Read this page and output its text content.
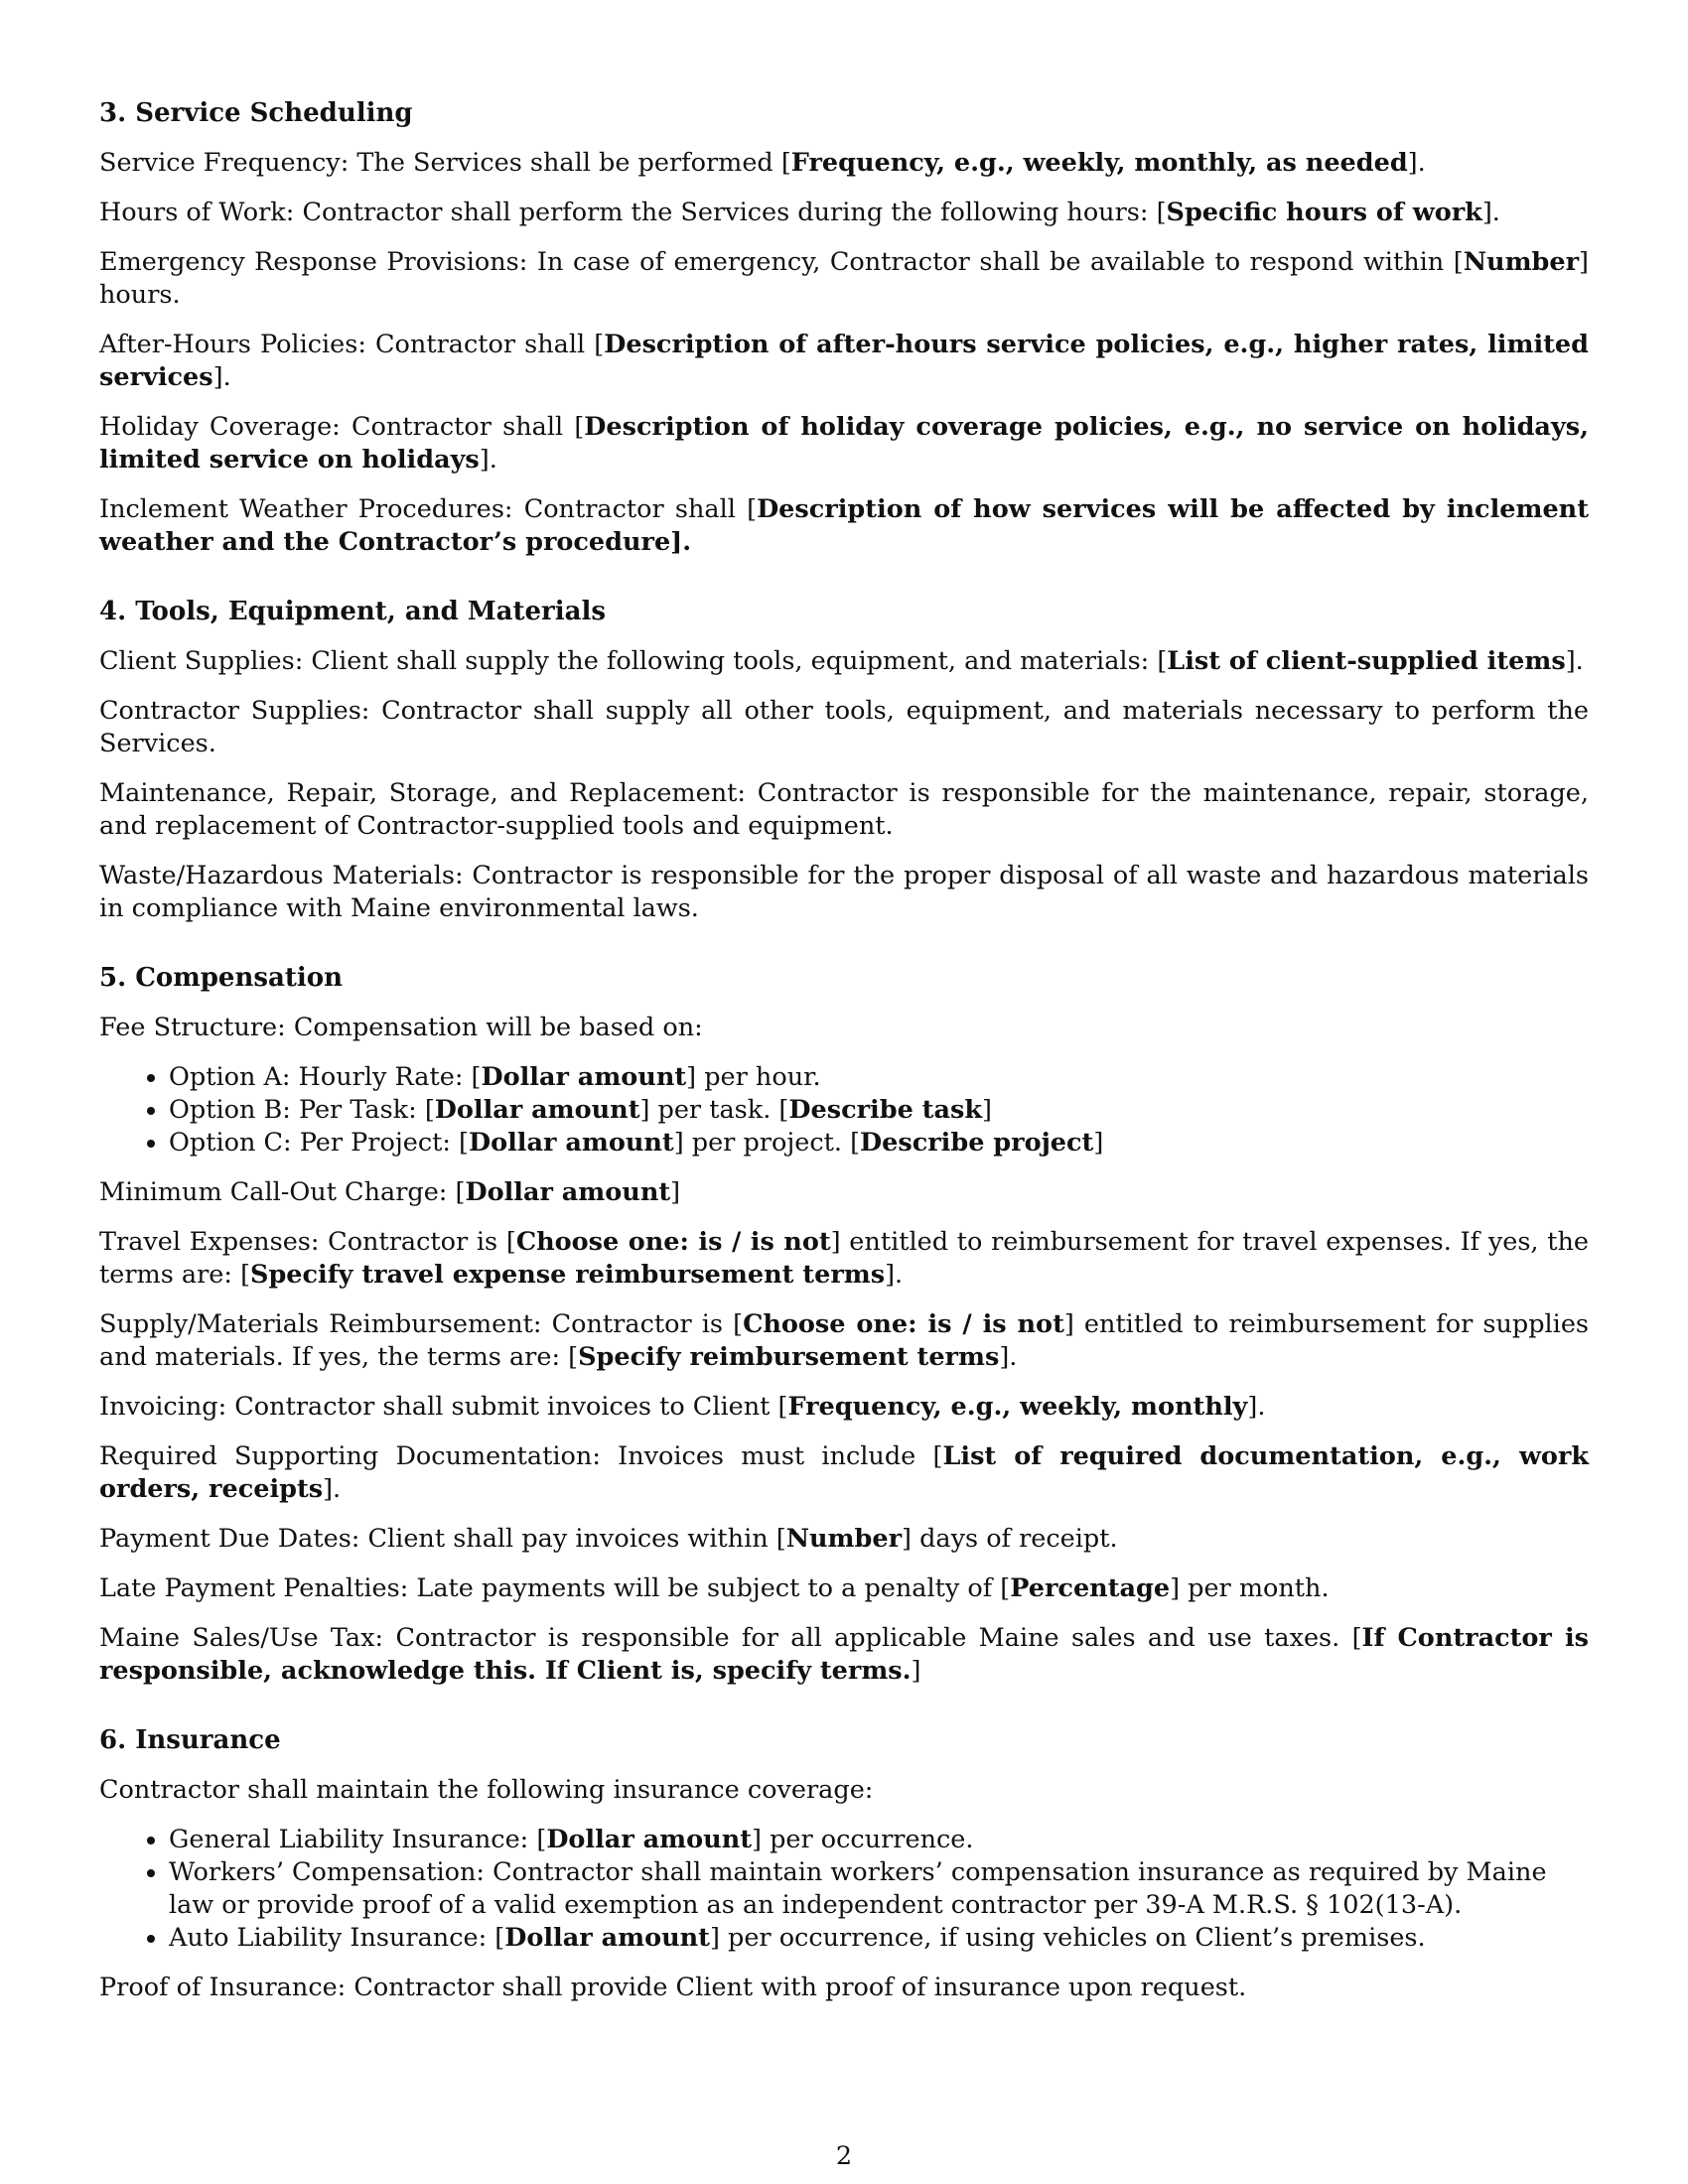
3. Service Scheduling

Service Frequency: The Services shall be performed [Frequency, e.g., weekly, monthly, as needed].

Hours of Work: Contractor shall perform the Services during the following hours: [Specific hours of work].

Emergency Response Provisions: In case of emergency, Contractor shall be available to respond within [Number] hours.

After-Hours Policies: Contractor shall [Description of after-hours service policies, e.g., higher rates, limited services].

Holiday Coverage: Contractor shall [Description of holiday coverage policies, e.g., no service on holidays, limited service on holidays].

Inclement Weather Procedures: Contractor shall [Description of how services will be affected by inclement weather and the Contractor’s procedure].

4. Tools, Equipment, and Materials

Client Supplies: Client shall supply the following tools, equipment, and materials: [List of client-supplied items].

Contractor Supplies: Contractor shall supply all other tools, equipment, and materials necessary to perform the Services.

Maintenance, Repair, Storage, and Replacement: Contractor is responsible for the maintenance, repair, storage, and replacement of Contractor-supplied tools and equipment.

Waste/Hazardous Materials: Contractor is responsible for the proper disposal of all waste and hazardous materials in compliance with Maine environmental laws.

5. Compensation

Fee Structure: Compensation will be based on:

• Option A: Hourly Rate: [Dollar amount] per hour.
• Option B: Per Task: [Dollar amount] per task. [Describe task]
• Option C: Per Project: [Dollar amount] per project. [Describe project]

Minimum Call-Out Charge: [Dollar amount]

Travel Expenses: Contractor is [Choose one: is / is not] entitled to reimbursement for travel expenses. If yes, the terms are: [Specify travel expense reimbursement terms].

Supply/Materials Reimbursement: Contractor is [Choose one: is / is not] entitled to reimbursement for supplies and materials. If yes, the terms are: [Specify reimbursement terms].

Invoicing: Contractor shall submit invoices to Client [Frequency, e.g., weekly, monthly].

Required Supporting Documentation: Invoices must include [List of required documentation, e.g., work orders, receipts].

Payment Due Dates: Client shall pay invoices within [Number] days of receipt.

Late Payment Penalties: Late payments will be subject to a penalty of [Percentage] per month.

Maine Sales/Use Tax: Contractor is responsible for all applicable Maine sales and use taxes. [If Contractor is responsible, acknowledge this. If Client is, specify terms.]

6. Insurance

Contractor shall maintain the following insurance coverage:

• General Liability Insurance: [Dollar amount] per occurrence.
• Workers’ Compensation: Contractor shall maintain workers’ compensation insurance as required by Maine law or provide proof of a valid exemption as an independent contractor per 39-A M.R.S. § 102(13-A).
• Auto Liability Insurance: [Dollar amount] per occurrence, if using vehicles on Client’s premises.

Proof of Insurance: Contractor shall provide Client with proof of insurance upon request.

2
